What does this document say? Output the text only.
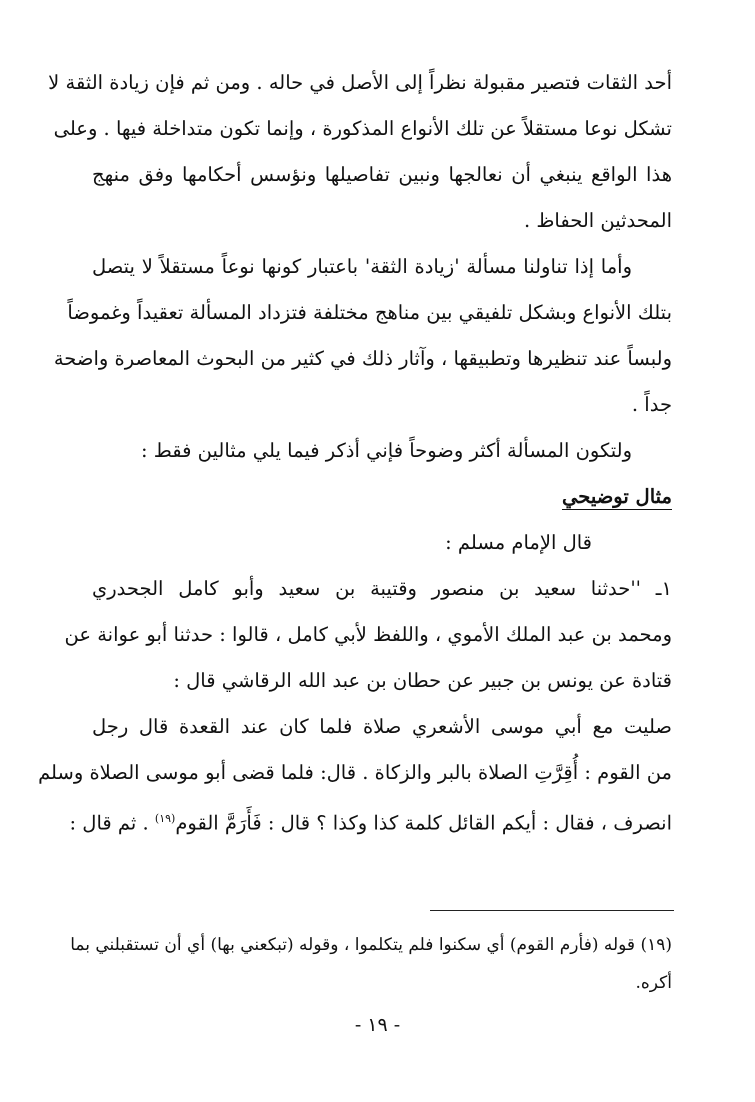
أحد الثقات فتصير مقبولة نظراً إلى الأصل في حاله . ومن ثم فإن زيادة الثقة لا
تشكل نوعا مستقلاً عن تلك الأنواع المذكورة ، وإنما تكون متداخلة فيها . وعلى
هذا الواقع ينبغي أن نعالجها ونبين تفاصيلها ونؤسس أحكامها وفق منهج
المحدثين الحفاظ .
وأما إذا تناولنا مسألة 'زيادة الثقة' باعتبار كونها نوعاً مستقلاً لا يتصل
بتلك الأنواع وبشكل تلفيقي بين مناهج مختلفة فتزداد المسألة تعقيداً وغموضاً
ولبساً عند تنظيرها وتطبيقها ، وآثار ذلك في كثير من البحوث المعاصرة واضحة
جداً .
ولتكون المسألة أكثر وضوحاً فإني أذكر فيما يلي مثالين فقط :
مثال توضيحي
قال الإمام مسلم :
١ـ ''حدثنا سعيد بن منصور وقتيبة بن سعيد وأبو كامل الجحدري
ومحمد بن عبد الملك الأموي ، واللفظ لأبي كامل ، قالوا : حدثنا أبو عوانة عن
قتادة عن يونس بن جبير عن حطان بن عبد الله الرقاشي قال :
صليت مع أبي موسى الأشعري صلاة فلما كان عند القعدة قال رجل
من القوم : أُقِرَّتِ الصلاة بالبر والزكاة . قال: فلما قضى أبو موسى الصلاة وسلم
انصرف ، فقال : أيكم القائل كلمة كذا وكذا ؟ قال : فَأَرَمَّ القوم$^{(١٩)}$ . ثم قال :
(١٩) قوله (فأرم القوم) أي سكنوا فلم يتكلموا ، وقوله (تبكعني بها) أي أن تستقبلني بما
أكره.
- ١٩ -
